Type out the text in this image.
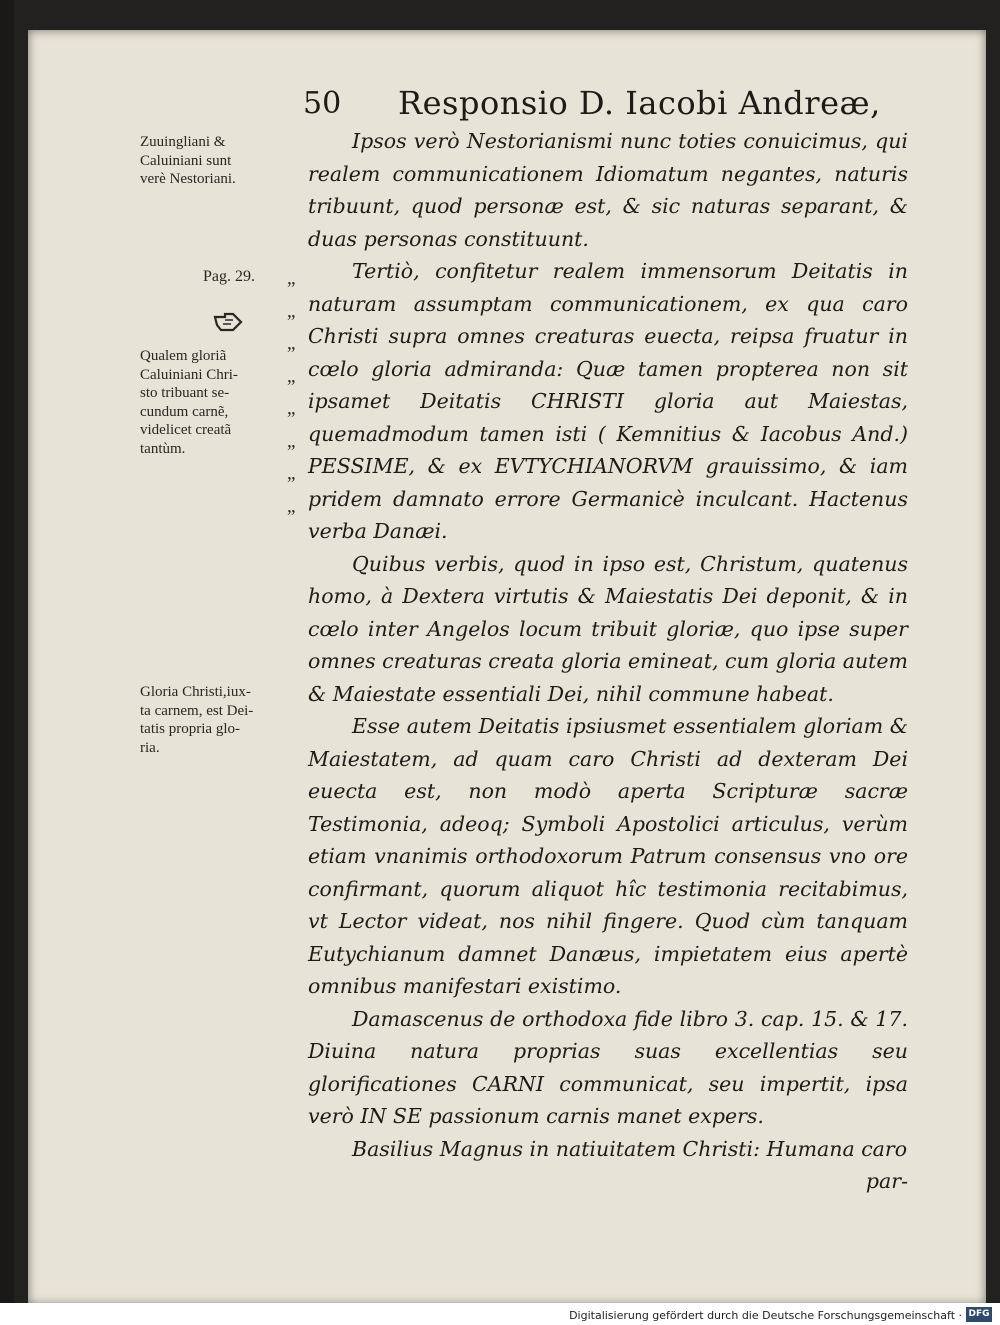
50 Responsio D. Iacobi Andreæ,
Zuuingliani &
Caluiniani sunt
verè Nestoriani.
Pag. 29.
Qualem gloriã
Caluiniani Chri-
sto tribuant se-
cundum carnẽ,
videlicet creatã
tantùm.
Gloria Christi,iux-
ta carnem, est Dei-
tatis propria glo-
ria.
„
„
„
„
„
„
„
„

Ipsos verò Nestorianismi nunc toties conuicimus, qui realem communicationem Idiomatum negantes, naturis tribuunt, quod personæ est, & sic naturas separant, & duas personas constituunt.

Tertiò, confitetur realem immensorum Deitatis in naturam assumptam communicationem, ex qua caro Christi supra omnes creaturas euecta, reipsa fruatur in cœlo gloria admiranda: Quæ tamen propterea non sit ipsamet Deitatis CHRISTI gloria aut Maiestas, quemadmodum tamen isti ( Kemnitius & Iacobus And.) PESSIME, & ex EVTYCHIANORVM grauissimo, & iam pridem damnato errore Germanicè inculcant. Hactenus verba Danæi.

Quibus verbis, quod in ipso est, Christum, quatenus homo, à Dextera virtutis & Maiestatis Dei deponit, & in cœlo inter Angelos locum tribuit gloriæ, quo ipse super omnes creaturas creata gloria emineat, cum gloria autem & Maiestate essentiali Dei, nihil commune habeat.

Esse autem Deitatis ipsiusmet essentialem gloriam & Maiestatem, ad quam caro Christi ad dexteram Dei euecta est, non modò aperta Scripturæ sacræ Testimonia, adeoq; Symboli Apostolici articulus, verùm etiam vnanimis orthodoxorum Patrum consensus vno ore confirmant, quorum aliquot hîc testimonia recitabimus, vt Lector videat, nos nihil fingere. Quod cùm tanquam Eutychianum damnet Danæus, impietatem eius apertè omnibus manifestari existimo.

Damascenus de orthodoxa fide libro 3. cap. 15. & 17. Diuina natura proprias suas excellentias seu glorificationes CARNI communicat, seu impertit, ipsa verò IN SE passionum carnis manet expers.

Basilius Magnus in natiuitatem Christi: Humana caro

par-

Digitalisierung gefördert durch die Deutsche Forschungsgemeinschaft · DFG
